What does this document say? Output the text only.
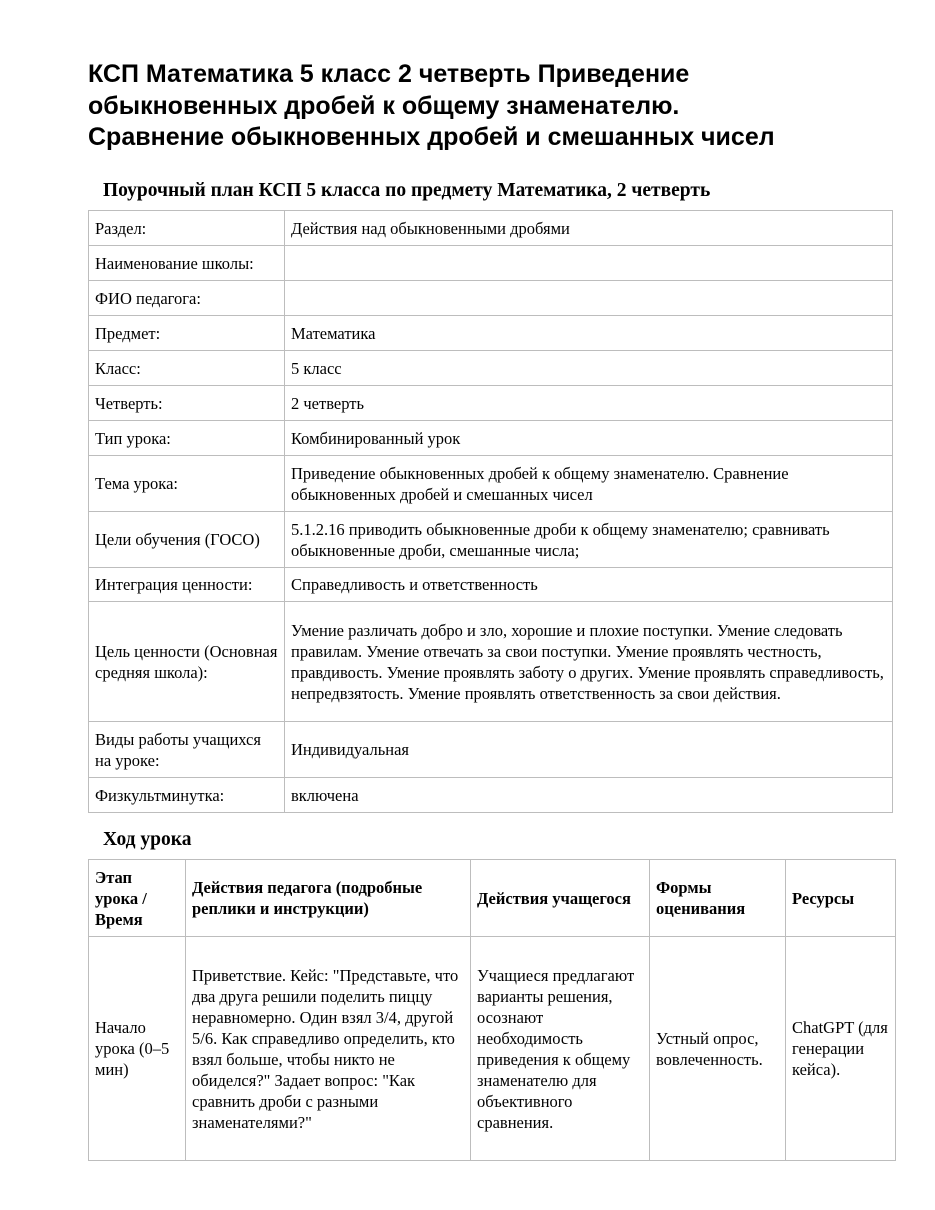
КСП Математика 5 класс 2 четверть Приведение
обыкновенных дробей к общему знаменателю.
Сравнение обыкновенных дробей и смешанных чисел
Поурочный план КСП 5 класса по предмету Математика, 2 четверть
Раздел:	Действия над обыкновенными дробями
Наименование школы:	
ФИО педагога:	
Предмет:	Математика
Класс:	5 класс
Четверть:	2 четверть
Тип урока:	Комбинированный урок
Тема урока:	Приведение обыкновенных дробей к общему знаменателю. Сравнение обыкновенных дробей и смешанных чисел
Цели обучения (ГОСО)	5.1.2.16 приводить обыкновенные дроби к общему знаменателю; сравнивать обыкновенные дроби, смешанные числа;
Интеграция ценности:	Справедливость и ответственность
Цель ценности (Основная средняя школа):	Умение различать добро и зло, хорошие и плохие поступки. Умение следовать правилам. Умение отвечать за свои поступки. Умение проявлять честность, правдивость. Умение проявлять заботу о других. Умение проявлять справедливость, непредвзятость. Умение проявлять ответственность за свои действия.
Виды работы учащихся на уроке:	Индивидуальная
Физкультминутка:	включена
Ход урока
Этап урока / Время	Действия педагога (подробные реплики и инструкции)	Действия учащегося	Формы оценивания	Ресурсы
Начало урока (0–5 мин)	Приветствие. Кейс: "Представьте, что два друга решили поделить пиццу неравномерно. Один взял 3/4, другой 5/6. Как справедливо определить, кто взял больше, чтобы никто не обиделся?" Задает вопрос: "Как сравнить дроби с разными знаменателями?"	Учащиеся предлагают варианты решения, осознают необходимость приведения к общему знаменателю для объективного сравнения.	Устный опрос, вовлеченность.	ChatGPT (для генерации кейса).
